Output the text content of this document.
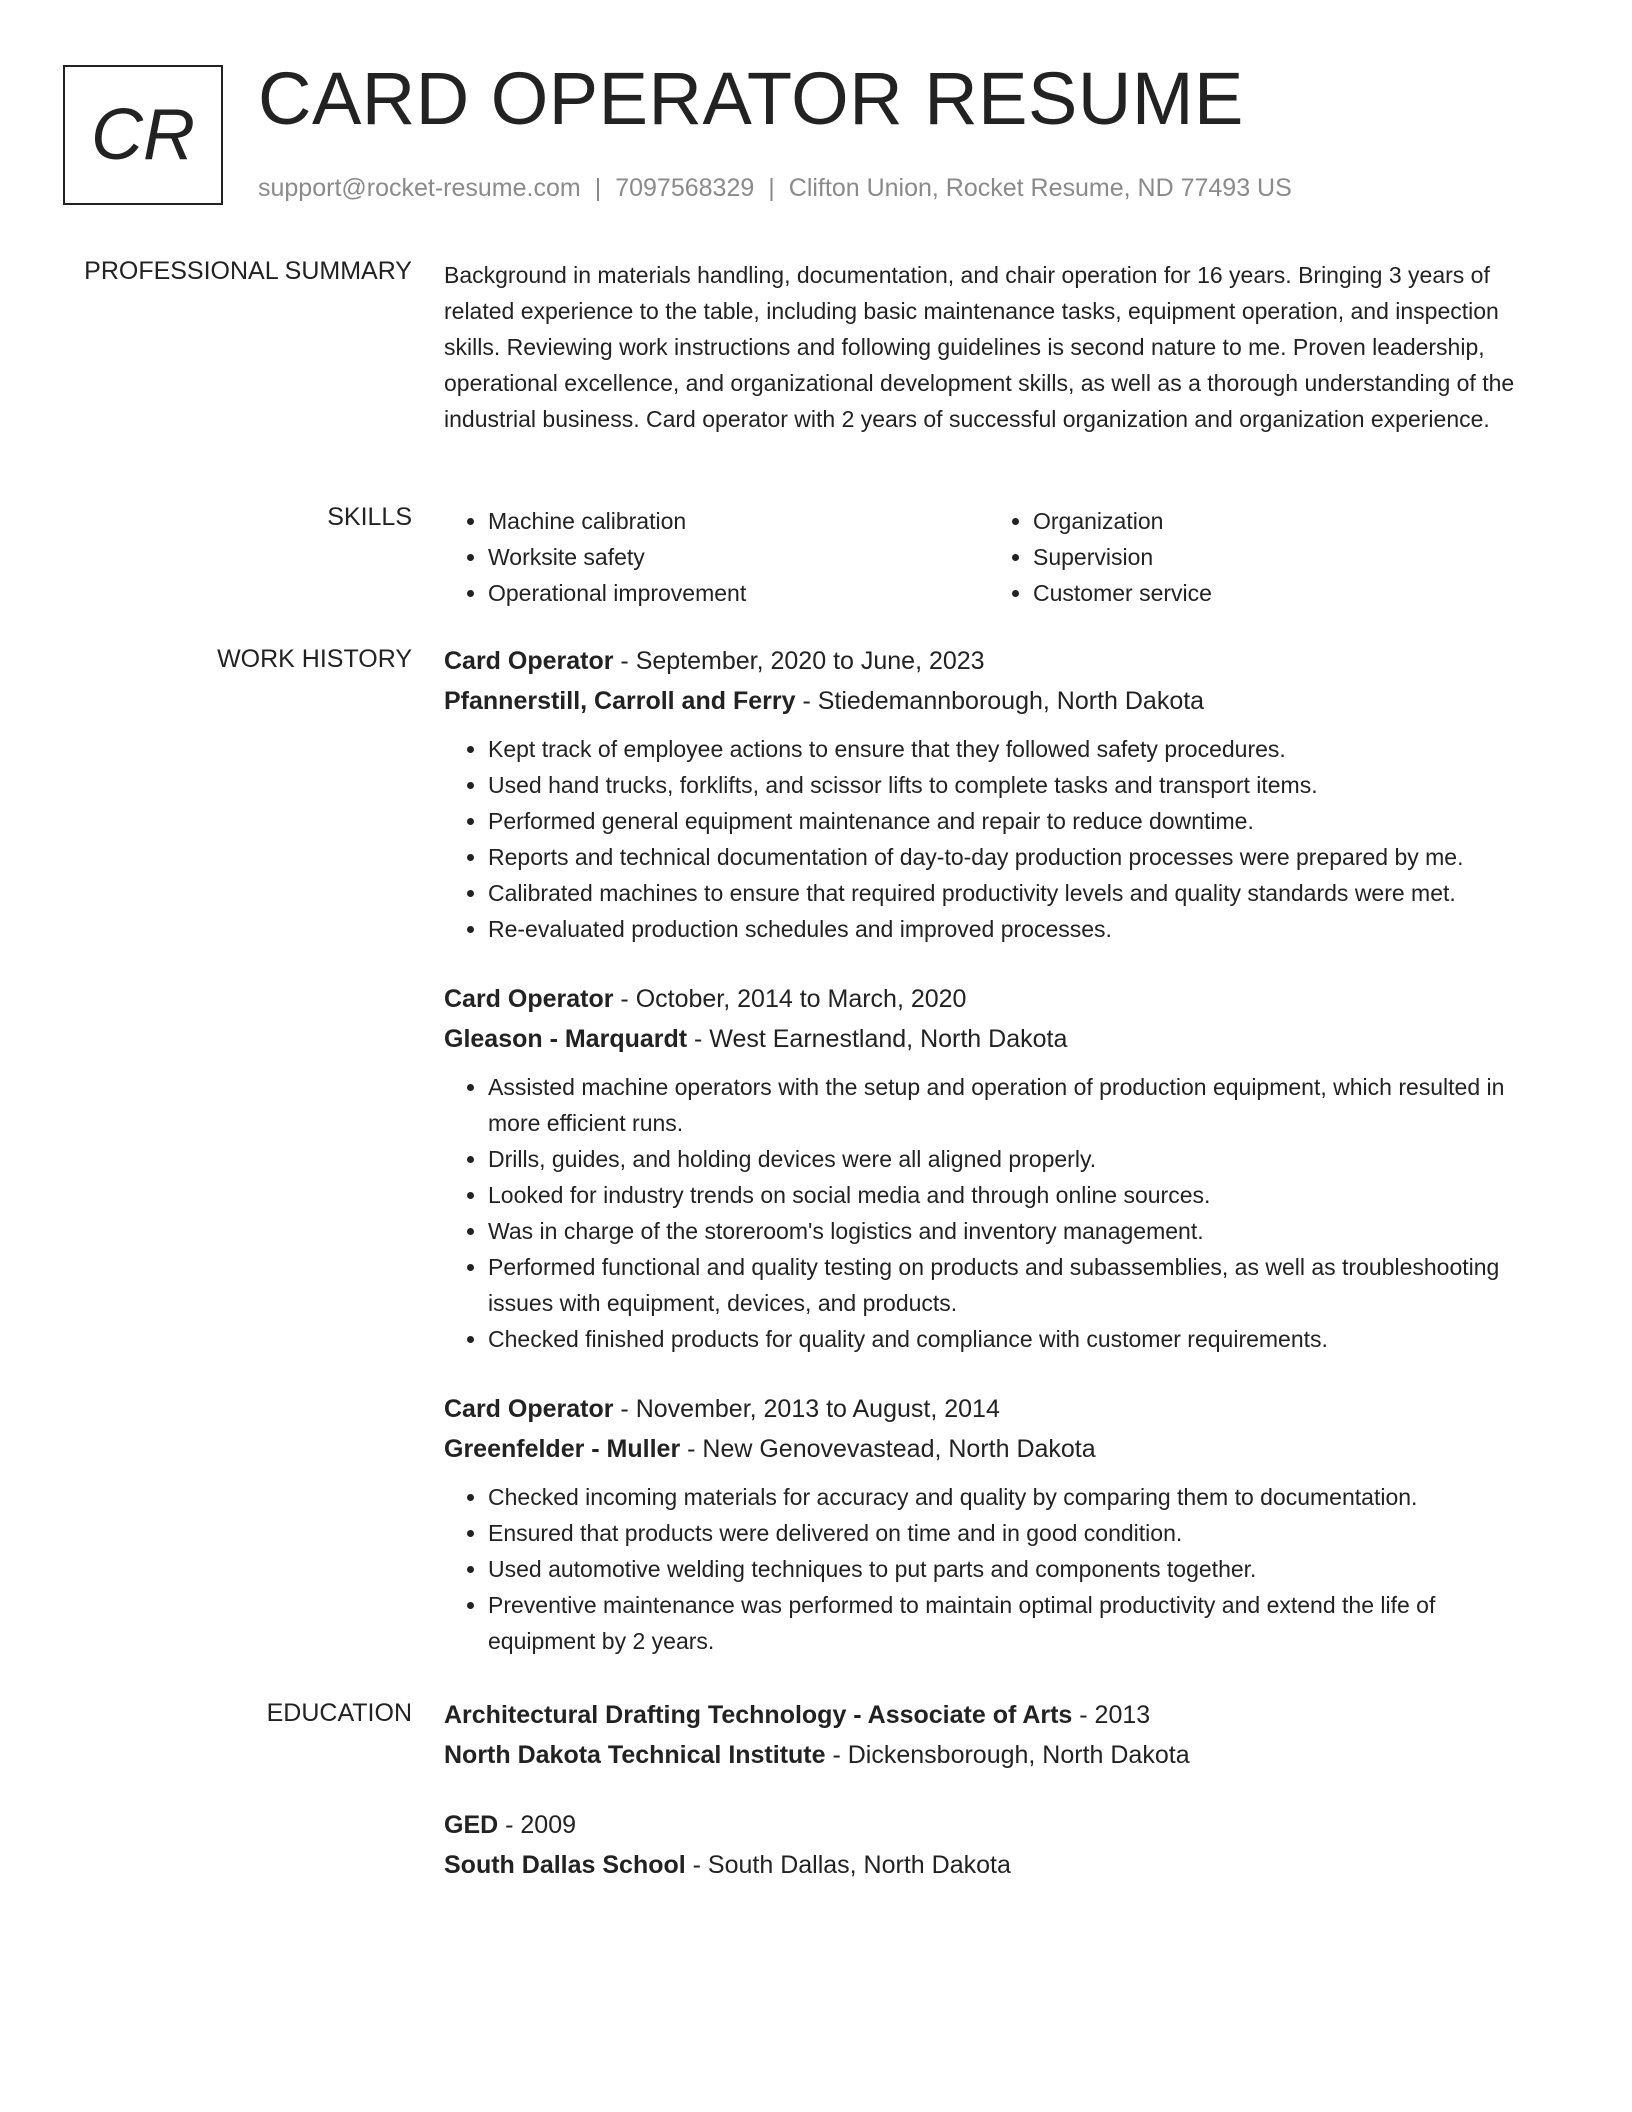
CR CARD OPERATOR RESUME
support@rocket-resume.com | 7097568329 | Clifton Union, Rocket Resume, ND 77493 US
PROFESSIONAL SUMMARY Background in materials handling, documentation, and chair operation for 16 years. Bringing 3 years of related experience to the table, including basic maintenance tasks, equipment operation, and inspection skills. Reviewing work instructions and following guidelines is second nature to me. Proven leadership, operational excellence, and organizational development skills, as well as a thorough understanding of the industrial business. Card operator with 2 years of successful organization and organization experience.

SKILLS
•	Machine calibration
• Worksite safety
• Operational improvement
• Organization
• Supervision
• Customer service
WORK HISTORY Card Operator - September, 2020 to June, 2023
Pfannerstill, Carroll and Ferry - Stiedemannborough, North Dakota
• Kept track of employee actions to ensure that they followed safety procedures.
• Used hand trucks, forklifts, and scissor lifts to complete tasks and transport items.
• Performed general equipment maintenance and repair to reduce downtime.
• Reports and technical documentation of day-to-day production processes were prepared by me.
• Calibrated machines to ensure that required productivity levels and quality standards were met.
• Re-evaluated production schedules and improved processes.
Card Operator - October, 2014 to March, 2020
Gleason - Marquardt - West Earnestland, North Dakota
• Assisted machine operators with the setup and operation of production equipment, which resulted in more efficient runs.
• Drills, guides, and holding devices were all aligned properly.
• Looked for industry trends on social media and through online sources.
• Was in charge of the storeroom's logistics and inventory management.
• Performed functional and quality testing on products and subassemblies, as well as troubleshooting issues with equipment, devices, and products.
• Checked finished products for quality and compliance with customer requirements.
Card Operator - November, 2013 to August, 2014
Greenfelder - Muller - New Genovevastead, North Dakota
• Checked incoming materials for accuracy and quality by comparing them to documentation.
• Ensured that products were delivered on time and in good condition.
• Used automotive welding techniques to put parts and components together.
• Preventive maintenance was performed to maintain optimal productivity and extend the life of equipment by 2 years.
EDUCATION Architectural Drafting Technology - Associate of Arts - 2013
North Dakota Technical Institute - Dickensborough, North Dakota
GED - 2009
South Dallas School - South Dallas, North Dakota
